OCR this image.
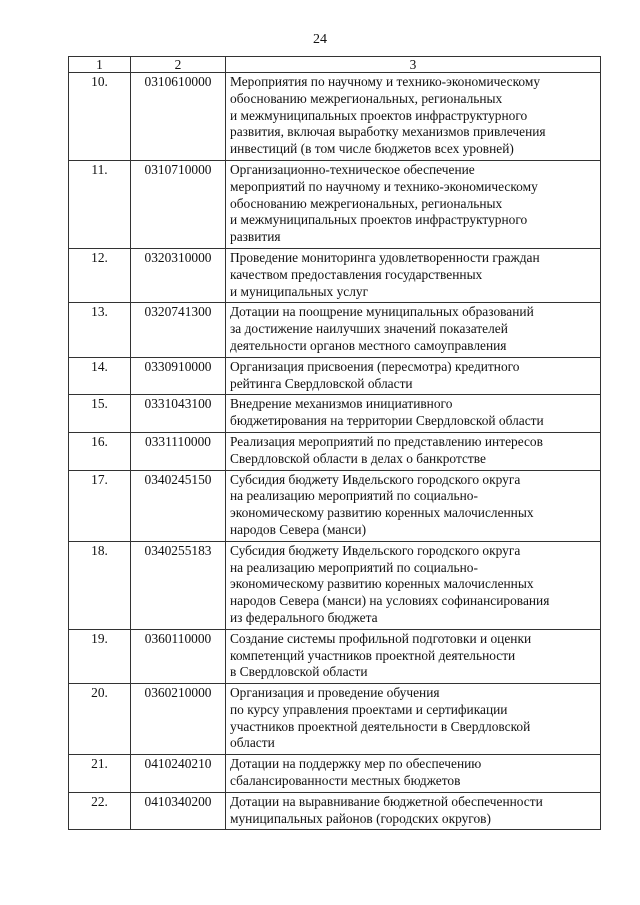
24
1	2	3
10.	0310610000	Мероприятия по научному и технико-экономическому
обоснованию межрегиональных, региональных
и межмуниципальных проектов инфраструктурного
развития, включая выработку механизмов привлечения
инвестиций (в том числе бюджетов всех уровней)

11.	0310710000	Организационно-техническое обеспечение
мероприятий по научному и технико-экономическому
обоснованию межрегиональных, региональных
и межмуниципальных проектов инфраструктурного
развития

12.	0320310000	Проведение мониторинга удовлетворенности граждан
качеством предоставления государственных
и муниципальных услуг

13.	0320741300	Дотации на поощрение муниципальных образований
за достижение наилучших значений показателей
деятельности органов местного самоуправления

14.	0330910000	Организация присвоения (пересмотра) кредитного
рейтинга Свердловской области

15.	0331043100	Внедрение механизмов инициативного
бюджетирования на территории Свердловской области

16.	0331110000	Реализация мероприятий по представлению интересов
Свердловской области в делах о банкротстве

17.	0340245150	Субсидия бюджету Ивдельского городского округа
на реализацию мероприятий по социально-
экономическому развитию коренных малочисленных
народов Севера (манси)

18.	0340255183	Субсидия бюджету Ивдельского городского округа
на реализацию мероприятий по социально-
экономическому развитию коренных малочисленных
народов Севера (манси) на условиях софинансирования
из федерального бюджета

19.	0360110000	Создание системы профильной подготовки и оценки
компетенций участников проектной деятельности
в Свердловской области

20.	0360210000	Организация и проведение обучения
по курсу управления проектами и сертификации
участников проектной деятельности в Свердловской
области

21.	0410240210	Дотации на поддержку мер по обеспечению
сбалансированности местных бюджетов

22.	0410340200	Дотации на выравнивание бюджетной обеспеченности
муниципальных районов (городских округов)
